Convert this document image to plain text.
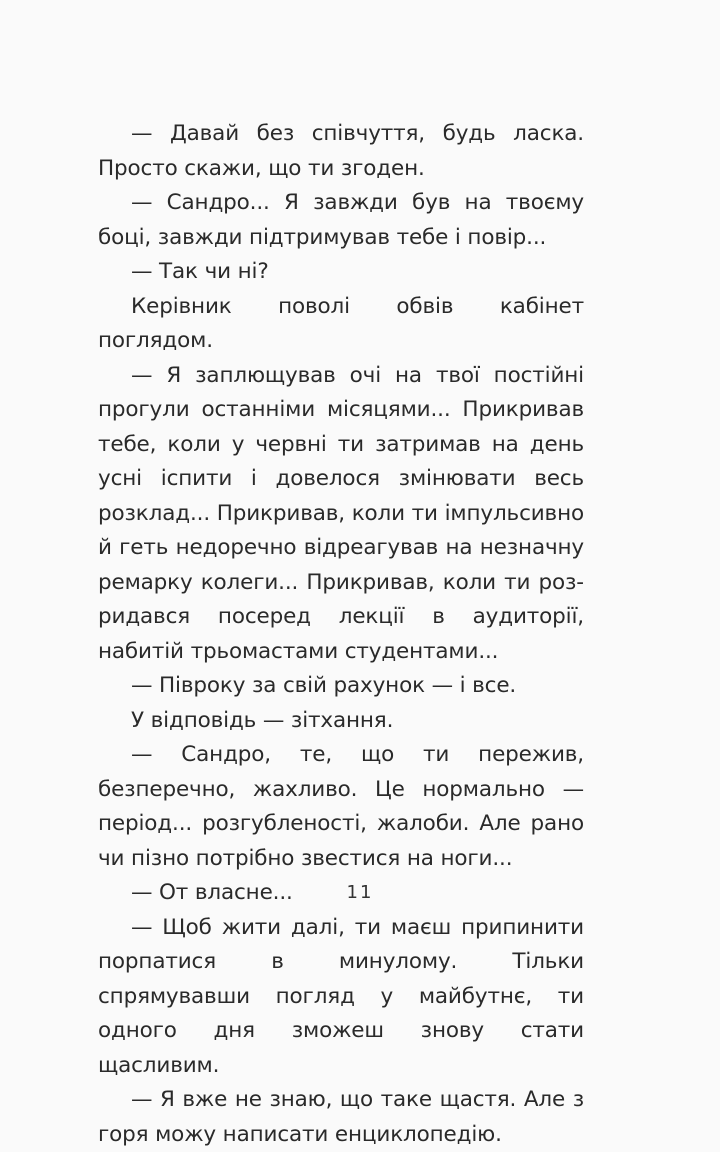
— Давай без співчуття, будь ласка. Просто скажи, що ти згоден.

— Сандро... Я завжди був на твоєму боці, завжди підтримував тебе і повір...

— Так чи ні?

Керівник поволі обвів кабінет поглядом.

— Я заплющував очі на твої постійні прогули останніми місяцями... Прикривав тебе, коли у червні ти затримав на день усні іспити і довелося змінювати весь розклад... Прикривав, коли ти імпульсивно й геть недоречно відреагував на незначну ремарку колеги... Прикривав, коли ти розридався посеред лекції в аудиторії, набитій трьомастами студентами...

— Півроку за свій рахунок — і все.

У відповідь — зітхання.

— Сандро, те, що ти пережив, безперечно, жахливо. Це нормально — період... розгубленості, жалоби. Але рано чи пізно потрібно звестися на ноги...

— От власне...

— Щоб жити далі, ти маєш припинити порпатися в минулому. Тільки спрямувавши погляд у майбутнє, ти одного дня зможеш знову стати щасливим.

— Я вже не знаю, що таке щастя. Але з горя можу написати енциклопедію.

11
